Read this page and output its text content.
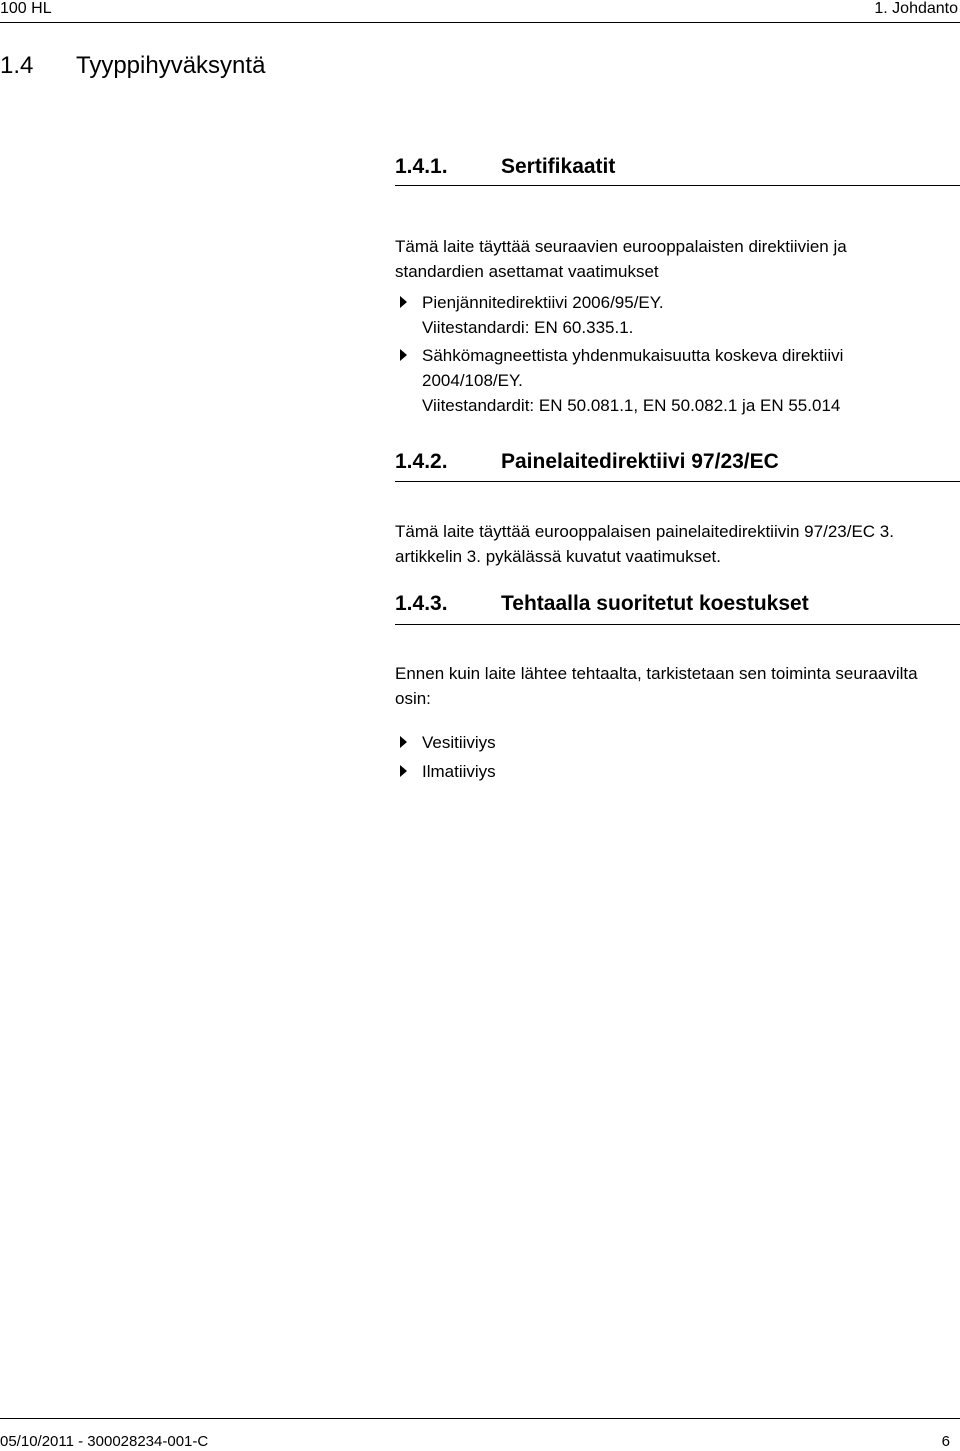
100 HL	1. Johdanto
1.4 Tyyppihyväksyntä
1.4.1.	Sertifikaatit
Tämä laite täyttää seuraavien eurooppalaisten direktiivien ja
standardien asettamat vaatimukset
Pienjännitedirektiivi 2006/95/EY.
Viitestandardi: EN 60.335.1.
Sähkömagneettista yhdenmukaisuutta koskeva direktiivi
2004/108/EY.
Viitestandardit: EN 50.081.1, EN 50.082.1 ja EN 55.014
1.4.2.	Painelaitedirektiivi 97/23/EC
Tämä laite täyttää eurooppalaisen painelaitedirektiivin 97/23/EC 3.
artikkelin 3. pykälässä kuvatut vaatimukset.
1.4.3.	Tehtaalla suoritetut koestukset
Ennen kuin laite lähtee tehtaalta, tarkistetaan sen toiminta seuraavilta
osin:
Vesitiiviys
Ilmatiiviys
05/10/2011 - 300028234-001-C	6
